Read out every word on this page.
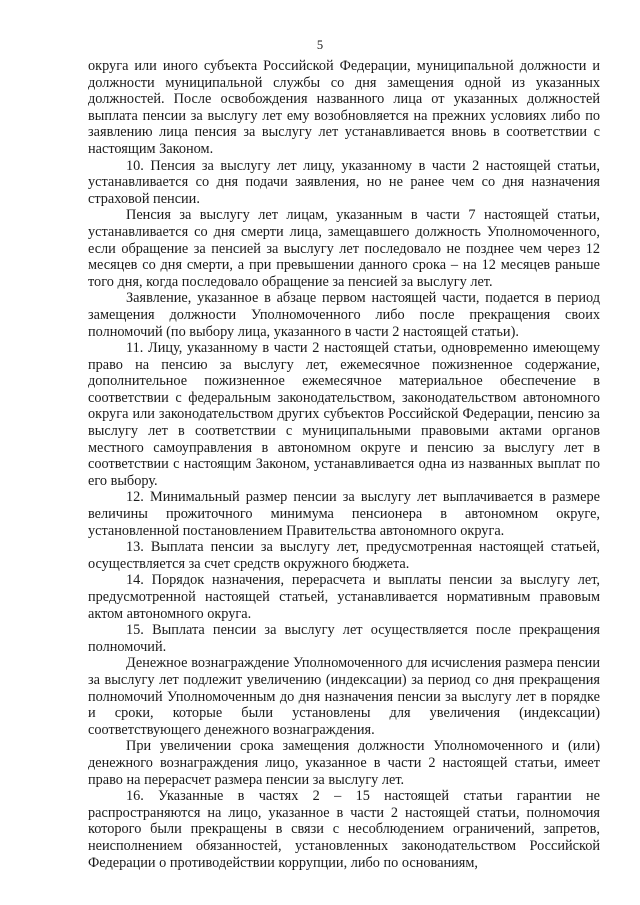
5

округа или иного субъекта Российской Федерации, муниципальной должности и должности муниципальной службы со дня замещения одной из указанных должностей. После освобождения названного лица от указанных должностей выплата пенсии за выслугу лет ему возобновляется на прежних условиях либо по заявлению лица пенсия за выслугу лет устанавливается вновь в соответствии с настоящим Законом.

10. Пенсия за выслугу лет лицу, указанному в части 2 настоящей статьи, устанавливается со дня подачи заявления, но не ранее чем со дня назначения страховой пенсии.

Пенсия за выслугу лет лицам, указанным в части 7 настоящей статьи, устанавливается со дня смерти лица, замещавшего должность Уполномоченного, если обращение за пенсией за выслугу лет последовало не позднее чем через 12 месяцев со дня смерти, а при превышении данного срока – на 12 месяцев раньше того дня, когда последовало обращение за пенсией за выслугу лет.

Заявление, указанное в абзаце первом настоящей части, подается в период замещения должности Уполномоченного либо после прекращения своих полномочий (по выбору лица, указанного в части 2 настоящей статьи).

11. Лицу, указанному в части 2 настоящей статьи, одновременно имеющему право на пенсию за выслугу лет, ежемесячное пожизненное содержание, дополнительное пожизненное ежемесячное материальное обеспечение в соответствии с федеральным законодательством, законодательством автономного округа или законодательством других субъектов Российской Федерации, пенсию за выслугу лет в соответствии с муниципальными правовыми актами органов местного самоуправления в автономном округе и пенсию за выслугу лет в соответствии с настоящим Законом, устанавливается одна из названных выплат по его выбору.

12. Минимальный размер пенсии за выслугу лет выплачивается в размере величины прожиточного минимума пенсионера в автономном округе, установленной постановлением Правительства автономного округа.

13. Выплата пенсии за выслугу лет, предусмотренная настоящей статьей, осуществляется за счет средств окружного бюджета.

14. Порядок назначения, перерасчета и выплаты пенсии за выслугу лет, предусмотренной настоящей статьей, устанавливается нормативным правовым актом автономного округа.

15. Выплата пенсии за выслугу лет осуществляется после прекращения полномочий.

Денежное вознаграждение Уполномоченного для исчисления размера пенсии за выслугу лет подлежит увеличению (индексации) за период со дня прекращения полномочий Уполномоченным до дня назначения пенсии за выслугу лет в порядке и сроки, которые были установлены для увеличения (индексации) соответствующего денежного вознаграждения.

При увеличении срока замещения должности Уполномоченного и (или) денежного вознаграждения лицо, указанное в части 2 настоящей статьи, имеет право на перерасчет размера пенсии за выслугу лет.

16. Указанные в частях 2 – 15 настоящей статьи гарантии не распространяются на лицо, указанное в части 2 настоящей статьи, полномочия которого были прекращены в связи с несоблюдением ограничений, запретов, неисполнением обязанностей, установленных законодательством Российской Федерации о противодействии коррупции, либо по основаниям,
